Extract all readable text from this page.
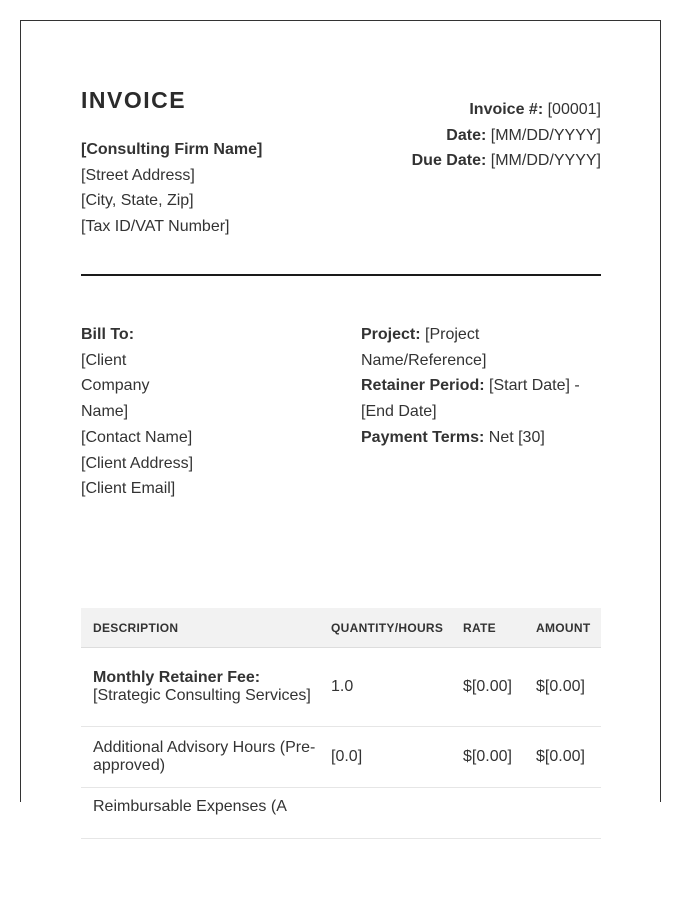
INVOICE
[Consulting Firm Name]
[Street Address]
[City, State, Zip]
[Tax ID/VAT Number]
Invoice #: [00001]
Date: [MM/DD/YYYY]
Due Date: [MM/DD/YYYY]
Bill To:
[Client Company Name]
[Contact Name]
[Client Address]
[Client Email]
Project: [Project Name/Reference]
Retainer Period: [Start Date] - [End Date]
Payment Terms: Net [30]
DESCRIPTION	QUANTITY/HOURS	RATE	AMOUNT

Monthly Retainer Fee:
[Strategic Consulting Services]	1.0	$[0.00]	$[0.00]

Additional Advisory Hours (Pre-approved)	[0.0]	$[0.00]	$[0.00]

Reimbursable Expenses (A			
